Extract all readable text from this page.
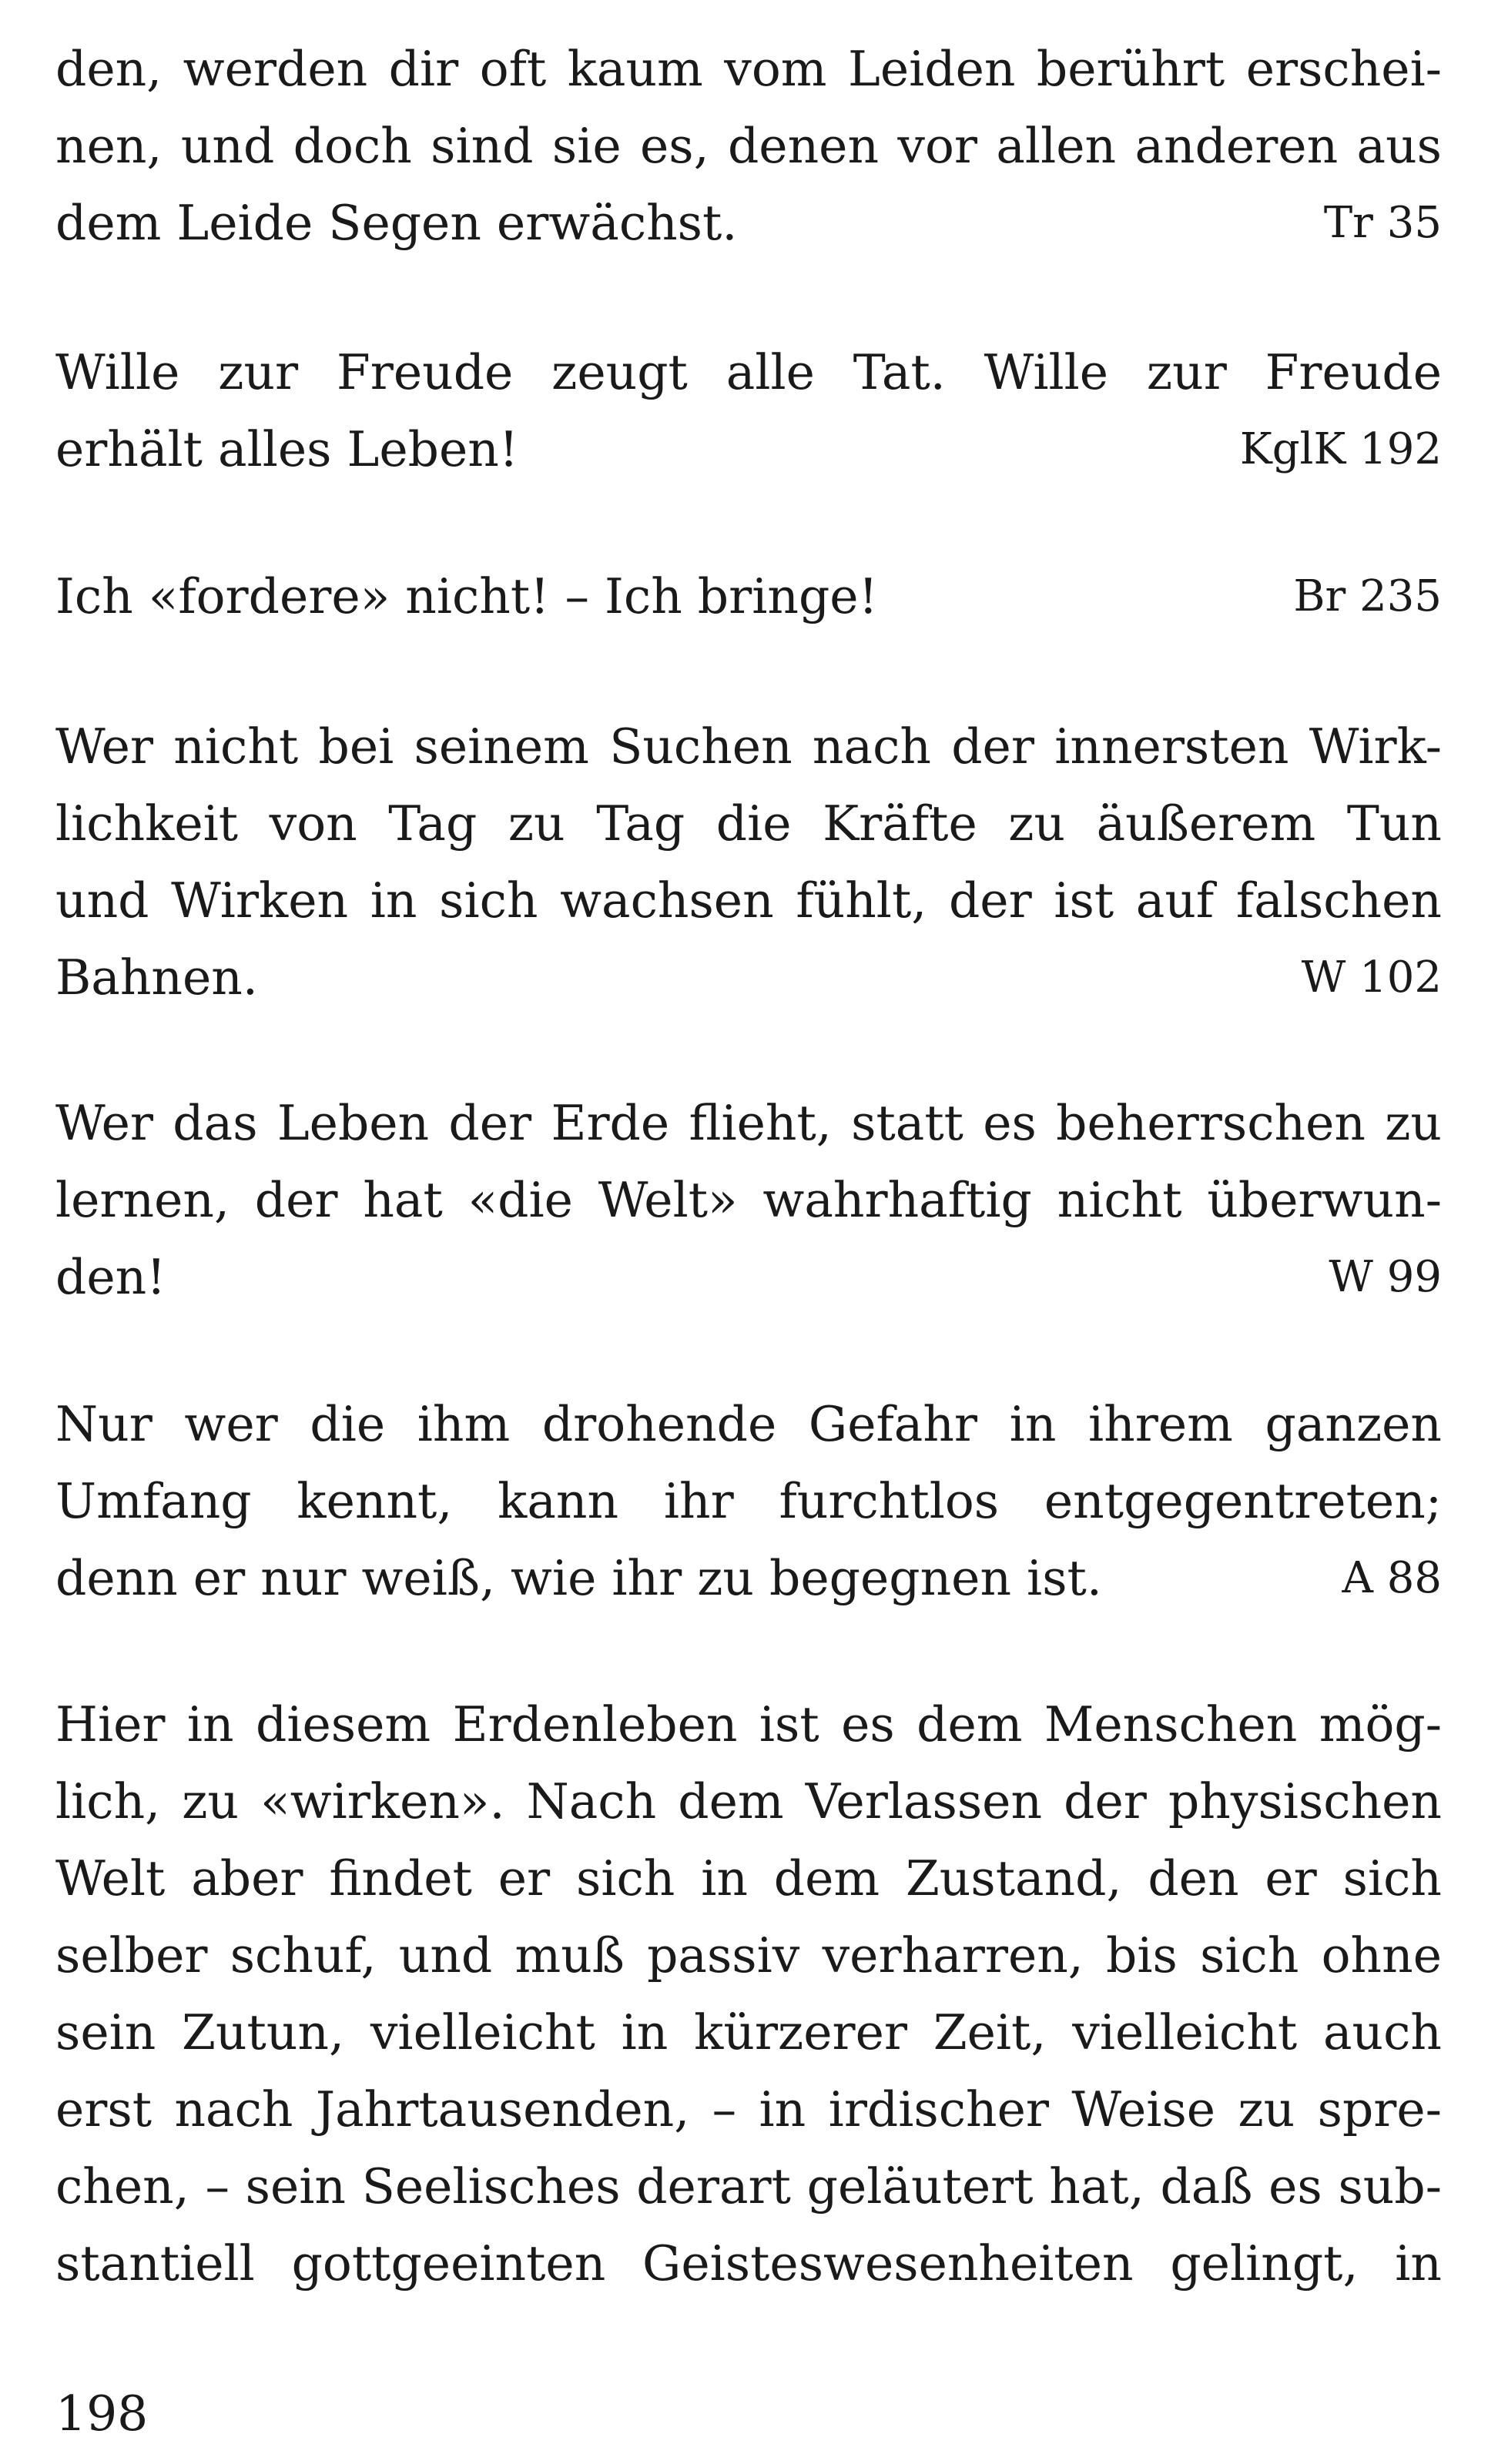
den, werden dir oft kaum vom Leiden berührt erschei-
nen, und doch sind sie es, denen vor allen anderen aus
dem Leide Segen erwächst.	Tr 35
Wille zur Freude zeugt alle Tat. Wille zur Freude
erhält alles Leben!	KglK 192
Ich «fordere» nicht! – Ich bringe!	Br 235
Wer nicht bei seinem Suchen nach der innersten Wirk-
lichkeit von Tag zu Tag die Kräfte zu äußerem Tun
und Wirken in sich wachsen fühlt, der ist auf falschen
Bahnen.	W 102
Wer das Leben der Erde flieht, statt es beherrschen zu
lernen, der hat «die Welt» wahrhaftig nicht überwun-
den!	W 99
Nur wer die ihm drohende Gefahr in ihrem ganzen
Umfang kennt, kann ihr furchtlos entgegentreten;
denn er nur weiß, wie ihr zu begegnen ist.	A 88
Hier in diesem Erdenleben ist es dem Menschen mög-
lich, zu «wirken». Nach dem Verlassen der physischen
Welt aber findet er sich in dem Zustand, den er sich
selber schuf, und muß passiv verharren, bis sich ohne
sein Zutun, vielleicht in kürzerer Zeit, vielleicht auch
erst nach Jahrtausenden, – in irdischer Weise zu spre-
chen, – sein Seelisches derart geläutert hat, daß es sub-
stantiell gottgeeinten Geisteswesenheiten gelingt, in
198
